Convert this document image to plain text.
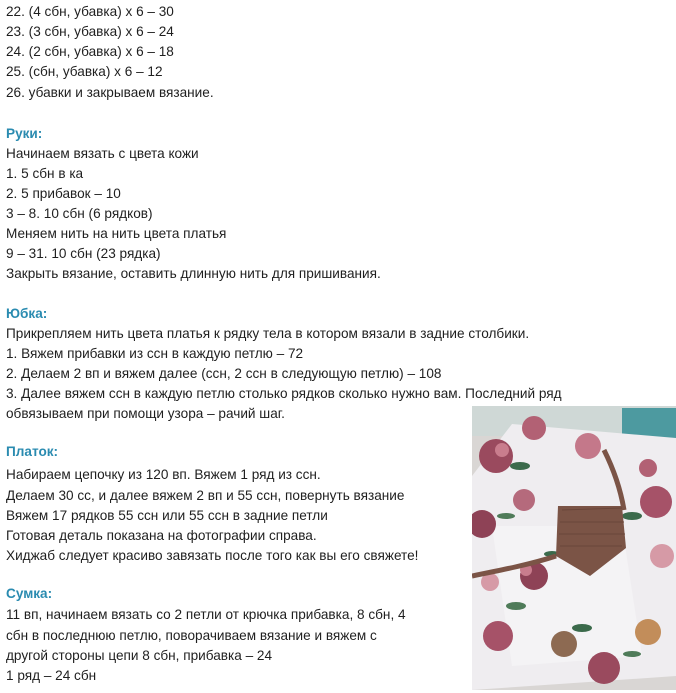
22. (4 сбн, убавка) х 6 – 30
23. (3 сбн, убавка) х 6 – 24
24. (2 сбн, убавка) х 6 – 18
25. (сбн, убавка) х 6 – 12
26. убавки и закрываем вязание.
Руки:
Начинаем вязать с цвета кожи
1. 5 сбн в ка
2. 5 прибавок – 10
3 – 8. 10 сбн (6 рядков)
Меняем нить на нить цвета платья
9 – 31. 10 сбн (23 рядка)
Закрыть вязание, оставить длинную нить для пришивания.
Юбка:
Прикрепляем нить цвета платья к рядку тела в котором вязали в задние столбики.
1. Вяжем прибавки из ссн в каждую петлю – 72
2. Делаем 2 вп и вяжем далее (ссн, 2 ссн в следующую петлю) – 108
3. Далее вяжем ссн в каждую петлю столько рядков сколько нужно вам. Последний ряд
обвязываем при помощи узора – рачий шаг.
Платок:
Набираем цепочку из 120 вп. Вяжем 1 ряд из ссн.
Делаем 30 сс, и далее вяжем 2 вп и 55 ссн, повернуть вязание
Вяжем 17 рядков 55 ссн или 55 ссн в задние петли
Готовая деталь показана на фотографии справа.
Хиджаб следует красиво завязать после того как вы его свяжете!
Сумка:
11 вп, начинаем вязать со 2 петли от крючка прибавка, 8 сбн, 4
сбн в последнюю петлю, поворачиваем вязание и вяжем с
другой стороны цепи 8 сбн, прибавка – 24
1 ряд – 24 сбн
